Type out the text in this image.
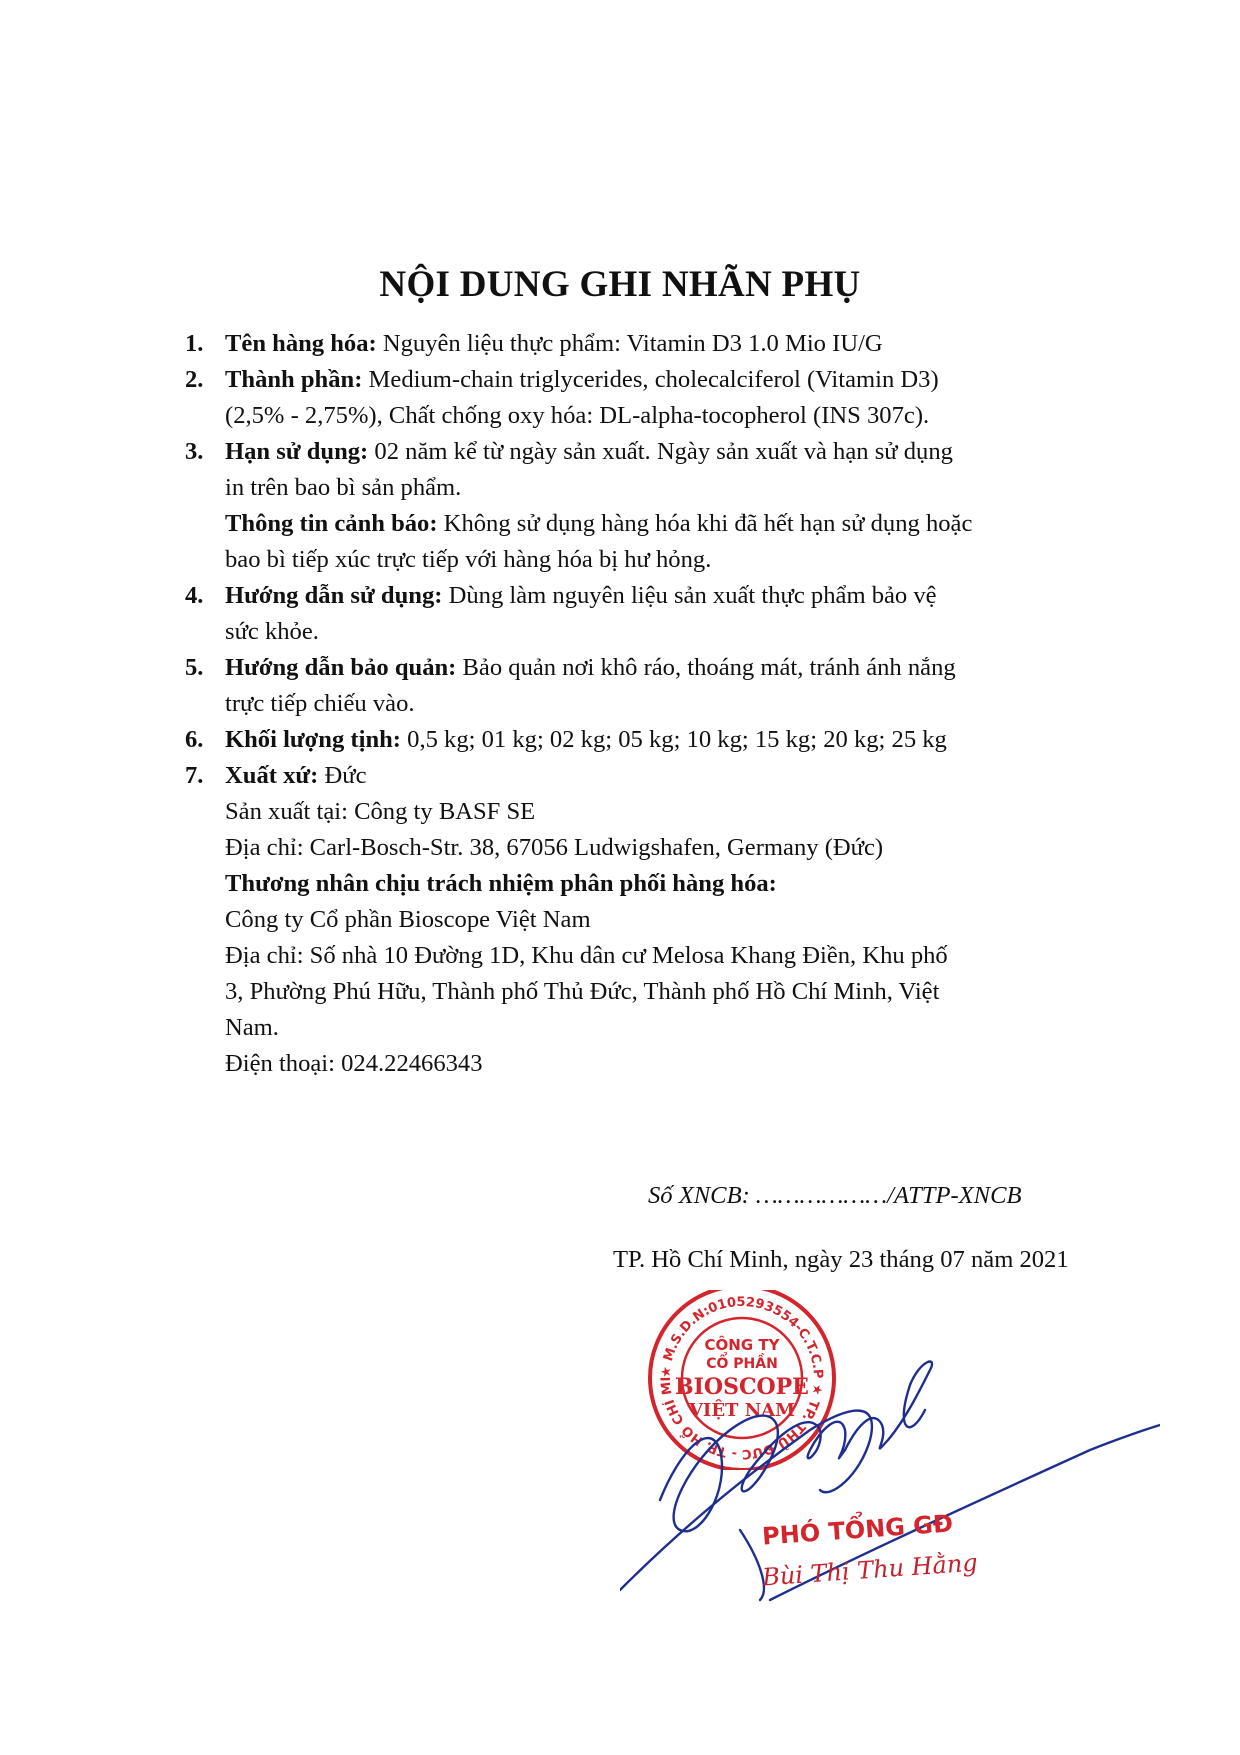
NỘI DUNG GHI NHÃN PHỤ
1. Tên hàng hóa: Nguyên liệu thực phẩm: Vitamin D3 1.0 Mio IU/G
2. Thành phần: Medium-chain triglycerides, cholecalciferol (Vitamin D3)
(2,5% - 2,75%), Chất chống oxy hóa: DL-alpha-tocopherol (INS 307c).
3. Hạn sử dụng: 02 năm kể từ ngày sản xuất. Ngày sản xuất và hạn sử dụng
in trên bao bì sản phẩm.
Thông tin cảnh báo: Không sử dụng hàng hóa khi đã hết hạn sử dụng hoặc
bao bì tiếp xúc trực tiếp với hàng hóa bị hư hỏng.
4. Hướng dẫn sử dụng: Dùng làm nguyên liệu sản xuất thực phẩm bảo vệ
sức khỏe.
5. Hướng dẫn bảo quản: Bảo quản nơi khô ráo, thoáng mát, tránh ánh nắng
trực tiếp chiếu vào.
6. Khối lượng tịnh: 0,5 kg; 01 kg; 02 kg; 05 kg; 10 kg; 15 kg; 20 kg; 25 kg
7. Xuất xứ: Đức
Sản xuất tại: Công ty BASF SE
Địa chỉ: Carl-Bosch-Str. 38, 67056 Ludwigshafen, Germany (Đức)
Thương nhân chịu trách nhiệm phân phối hàng hóa:
Công ty Cổ phần Bioscope Việt Nam
Địa chỉ: Số nhà 10 Đường 1D, Khu dân cư Melosa Khang Điền, Khu phố
3, Phường Phú Hữu, Thành phố Thủ Đức, Thành phố Hồ Chí Minh, Việt
Nam.
Điện thoại: 024.22466343
Số XNCB: ………………/ATTP-XNCB
TP. Hồ Chí Minh, ngày 23 tháng 07 năm 2021
★ M.S.D.N:0105293554-C.T.C.P ★ TP. THỦ ĐỨC - TP. HỒ CHÍ MI
CÔNG TY
CỔ PHẦN
BIOSCOPE
VIỆT NAM
PHÓ TỔNG GĐ
Bùi Thị Thu Hằng
